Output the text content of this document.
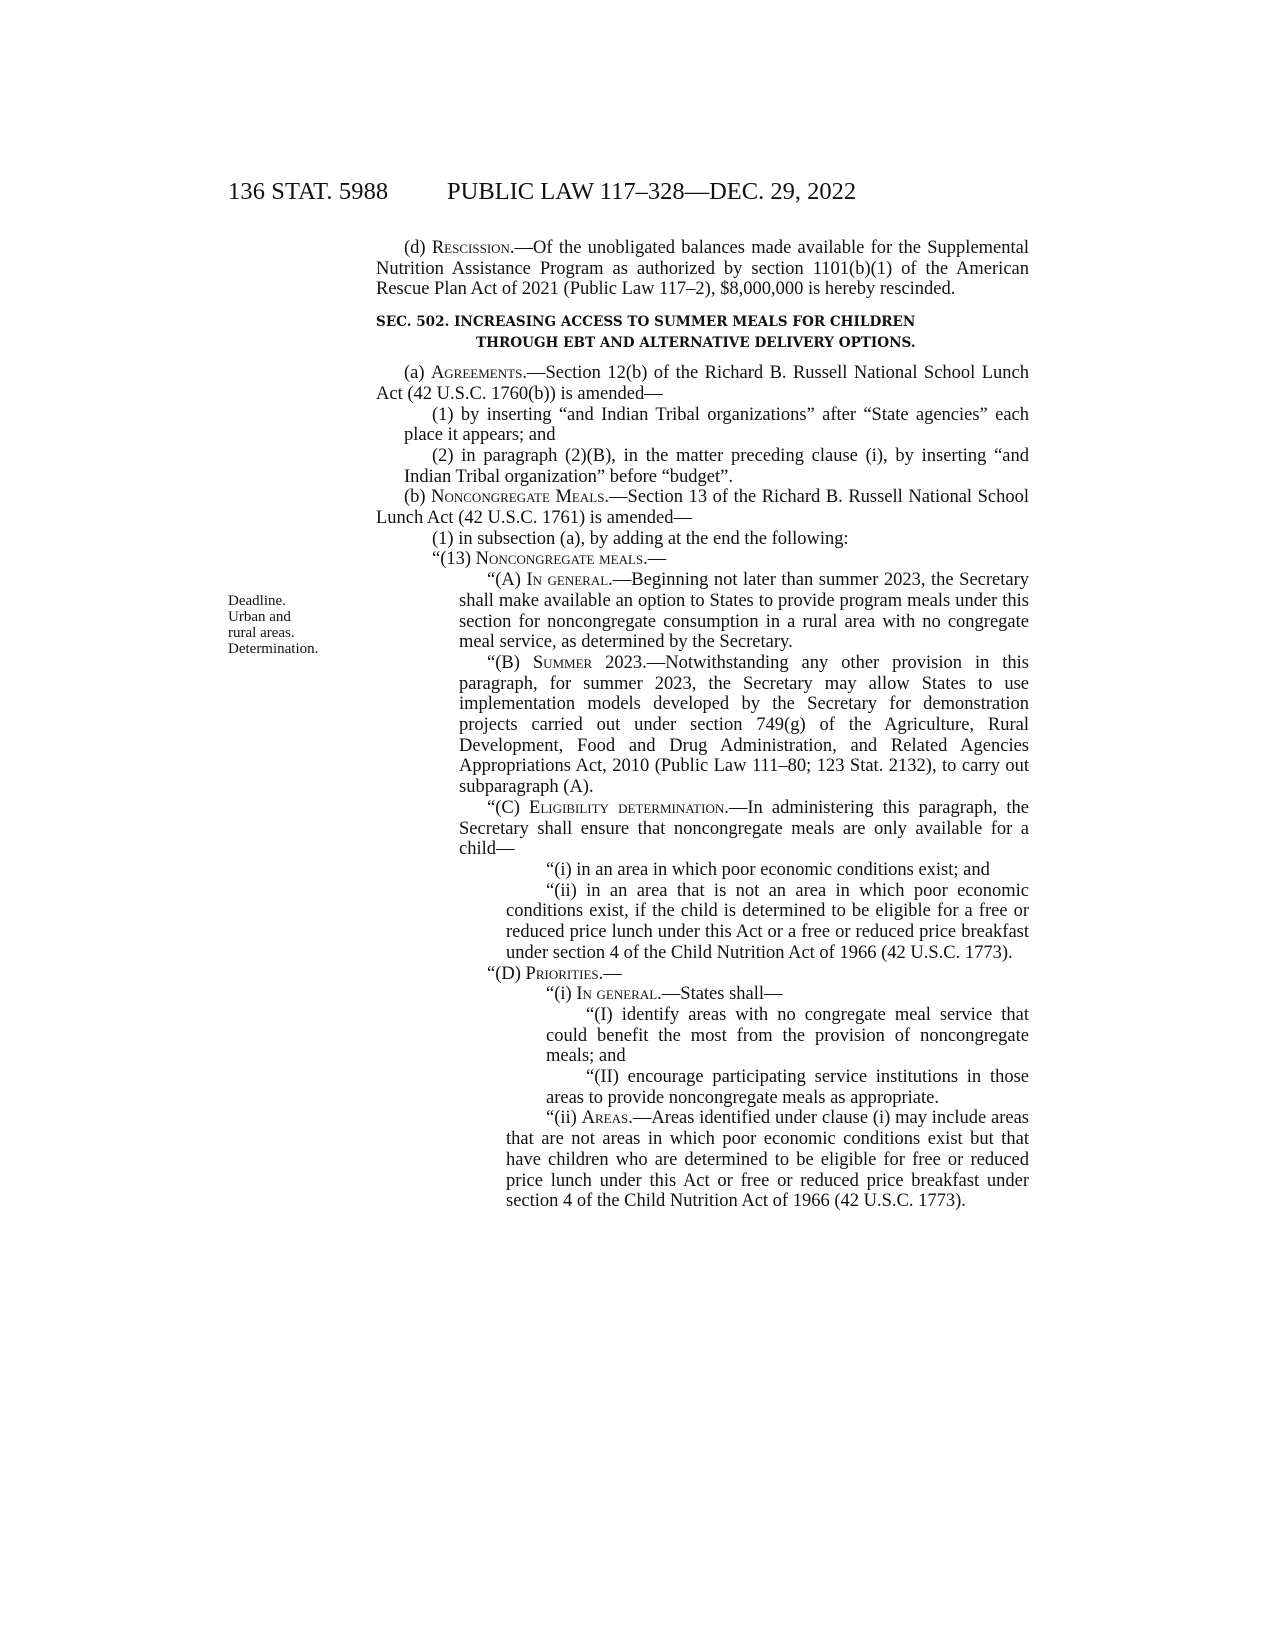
136 STAT. 5988 PUBLIC LAW 117–328—DEC. 29, 2022
Deadline.
Urban and
rural areas.
Determination.

(d) Rescission.—Of the unobligated balances made available for the Supplemental Nutrition Assistance Program as authorized by section 1101(b)(1) of the American Rescue Plan Act of 2021 (Public Law 117–2), $8,000,000 is hereby rescinded.

SEC. 502. INCREASING ACCESS TO SUMMER MEALS FOR CHILDREN
THROUGH EBT AND ALTERNATIVE DELIVERY OPTIONS.

(a) Agreements.—Section 12(b) of the Richard B. Russell National School Lunch Act (42 U.S.C. 1760(b)) is amended—

(1) by inserting “and Indian Tribal organizations” after “State agencies” each place it appears; and

(2) in paragraph (2)(B), in the matter preceding clause (i), by inserting “and Indian Tribal organization” before “budget”.

(b) Noncongregate Meals.—Section 13 of the Richard B. Russell National School Lunch Act (42 U.S.C. 1761) is amended—

(1) in subsection (a), by adding at the end the following:

“(13) Noncongregate meals.—

“(A) In general.—Beginning not later than summer 2023, the Secretary shall make available an option to States to provide program meals under this section for noncongregate consumption in a rural area with no congregate meal service, as determined by the Secretary.

“(B) Summer 2023.—Notwithstanding any other provision in this paragraph, for summer 2023, the Secretary may allow States to use implementation models developed by the Secretary for demonstration projects carried out under section 749(g) of the Agriculture, Rural Development, Food and Drug Administration, and Related Agencies Appropriations Act, 2010 (Public Law 111–80; 123 Stat. 2132), to carry out subparagraph (A).

“(C) Eligibility determination.—In administering this paragraph, the Secretary shall ensure that noncongregate meals are only available for a child—

“(i) in an area in which poor economic conditions exist; and

“(ii) in an area that is not an area in which poor economic conditions exist, if the child is determined to be eligible for a free or reduced price lunch under this Act or a free or reduced price breakfast under section 4 of the Child Nutrition Act of 1966 (42 U.S.C. 1773).

“(D) Priorities.—

“(i) In general.—States shall—

“(I) identify areas with no congregate meal service that could benefit the most from the provision of noncongregate meals; and

“(II) encourage participating service institutions in those areas to provide noncongregate meals as appropriate.

“(ii) Areas.—Areas identified under clause (i) may include areas that are not areas in which poor economic conditions exist but that have children who are determined to be eligible for free or reduced price lunch under this Act or free or reduced price breakfast under section 4 of the Child Nutrition Act of 1966 (42 U.S.C. 1773).
